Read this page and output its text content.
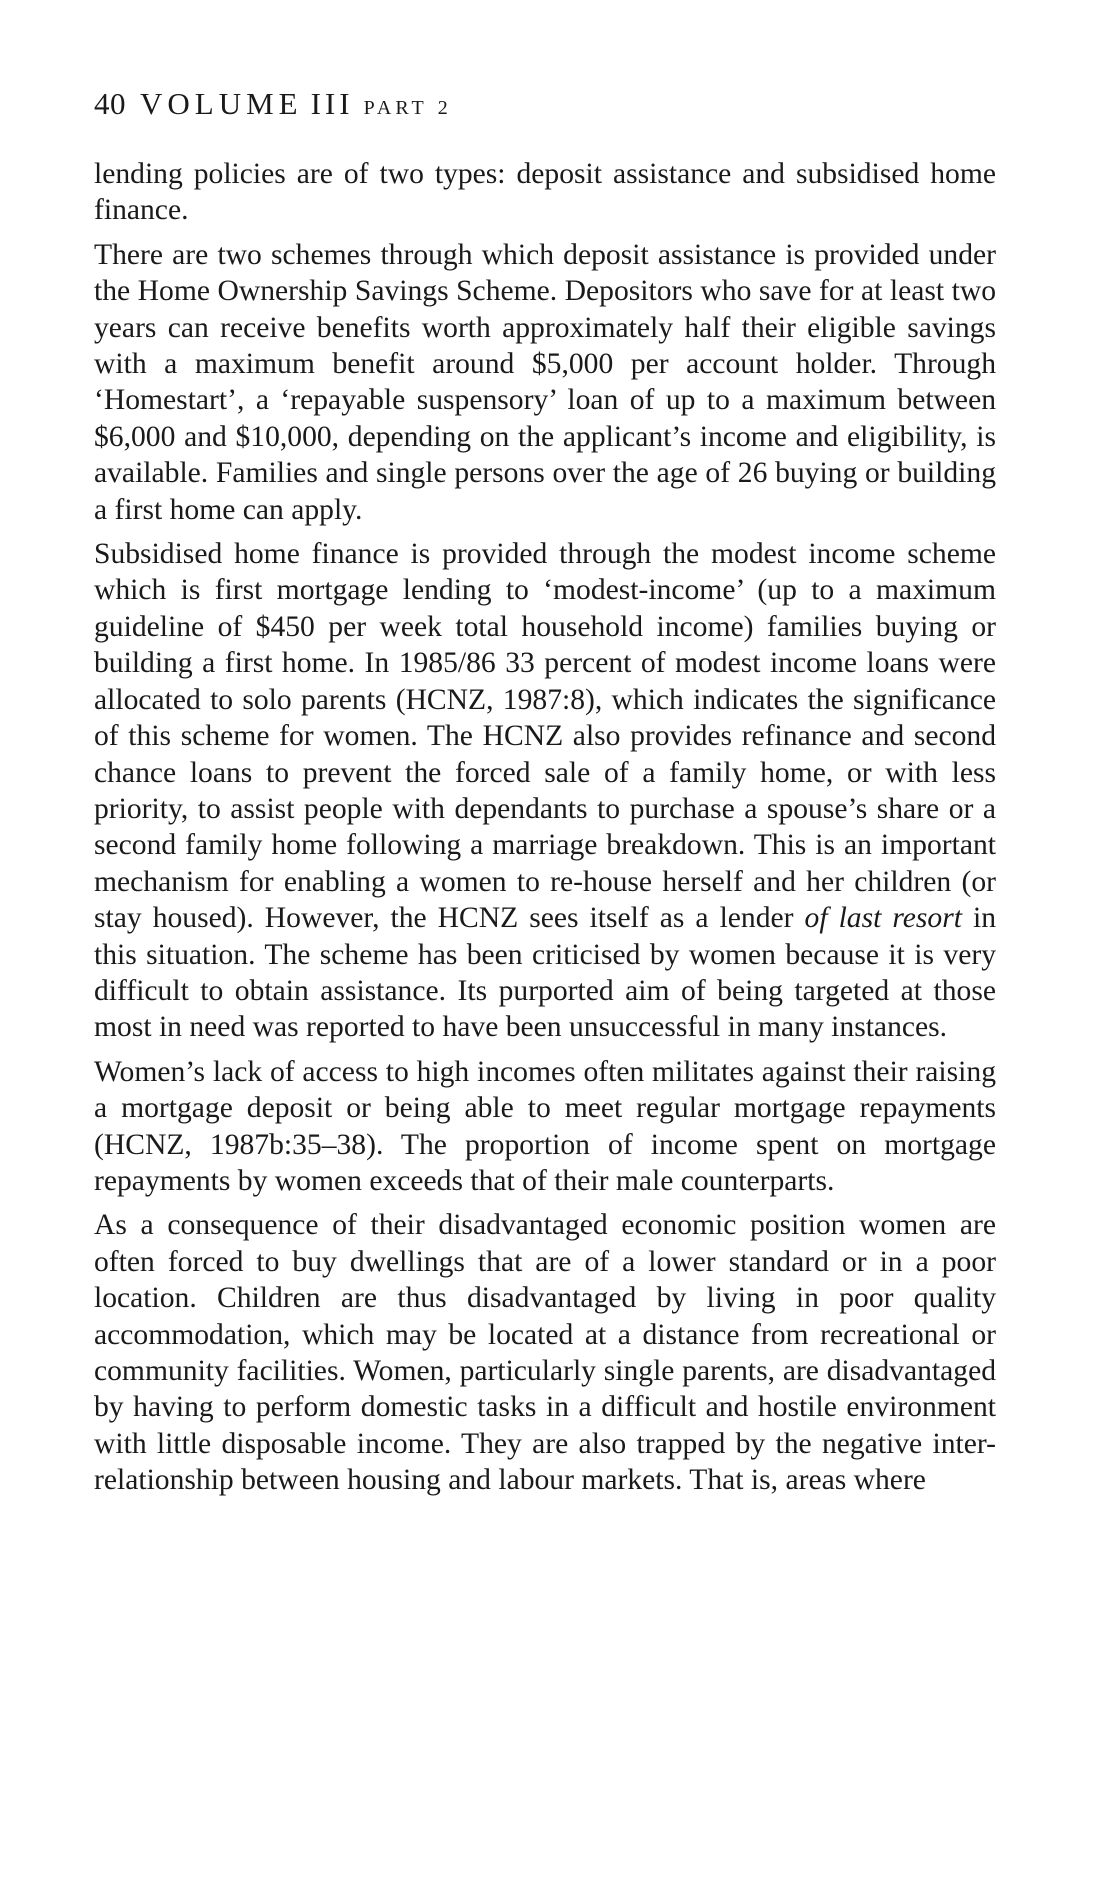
40 VOLUME III PART 2

lending policies are of two types: deposit assistance and subsidised home finance.

There are two schemes through which deposit assistance is provided under the Home Ownership Savings Scheme. Depositors who save for at least two years can receive benefits worth approximately half their eligible savings with a maximum benefit around $5,000 per account holder. Through ‘Homestart’, a ‘repayable suspensory’ loan of up to a maximum between $6,000 and $10,000, depending on the applicant’s income and eligibility, is available. Families and single persons over the age of 26 buying or building a first home can apply.

Subsidised home finance is provided through the modest income scheme which is first mortgage lending to ‘modest-income’ (up to a maximum guideline of $450 per week total household income) families buying or building a first home. In 1985/86 33 percent of modest income loans were allocated to solo parents (HCNZ, 1987:8), which indicates the significance of this scheme for women. The HCNZ also provides refinance and second chance loans to prevent the forced sale of a family home, or with less priority, to assist people with dependants to purchase a spouse’s share or a second family home following a marriage breakdown. This is an important mechanism for enabling a women to re-house herself and her children (or stay housed). However, the HCNZ sees itself as a lender of last resort in this situation. The scheme has been criticised by women because it is very difficult to obtain assistance. Its purported aim of being targeted at those most in need was reported to have been unsuccessful in many instances.

Women’s lack of access to high incomes often militates against their raising a mortgage deposit or being able to meet regular mortgage repayments (HCNZ, 1987b:35–38). The proportion of income spent on mortgage repayments by women exceeds that of their male counterparts.

As a consequence of their disadvantaged economic position women are often forced to buy dwellings that are of a lower standard or in a poor location. Children are thus disadvantaged by living in poor quality accommodation, which may be located at a distance from recreational or community facilities. Women, particularly single parents, are disadvantaged by having to perform domestic tasks in a difficult and hostile environment with little disposable income. They are also trapped by the negative inter-relationship between housing and labour markets. That is, areas where
